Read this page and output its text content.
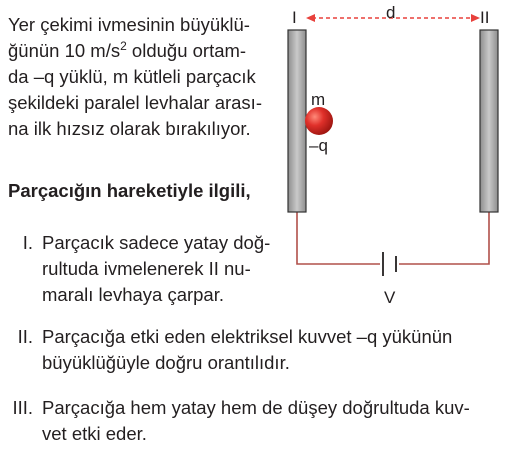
Yer çekimi ivmesinin büyüklü-
ğünün 10 $m/s^2$ olduğu ortam-
da –q yüklü, m kütleli parçacık
şekildeki paralel levhalar arası-
na ilk hızsız olarak bırakılıyor.
Parçacığın hareketiyle ilgili,
I. Parçacık sadece yatay doğ-
rultuda ivmelenerek II nu-
maralı levhaya çarpar.
II. Parçacığa etki eden elektriksel kuvvet –q yükünün
büyüklüğüyle doğru orantılıdır.
III. Parçacığa hem yatay hem de düşey doğrultuda kuv-
vet etki eder.
I	II
d
m
–q
V
